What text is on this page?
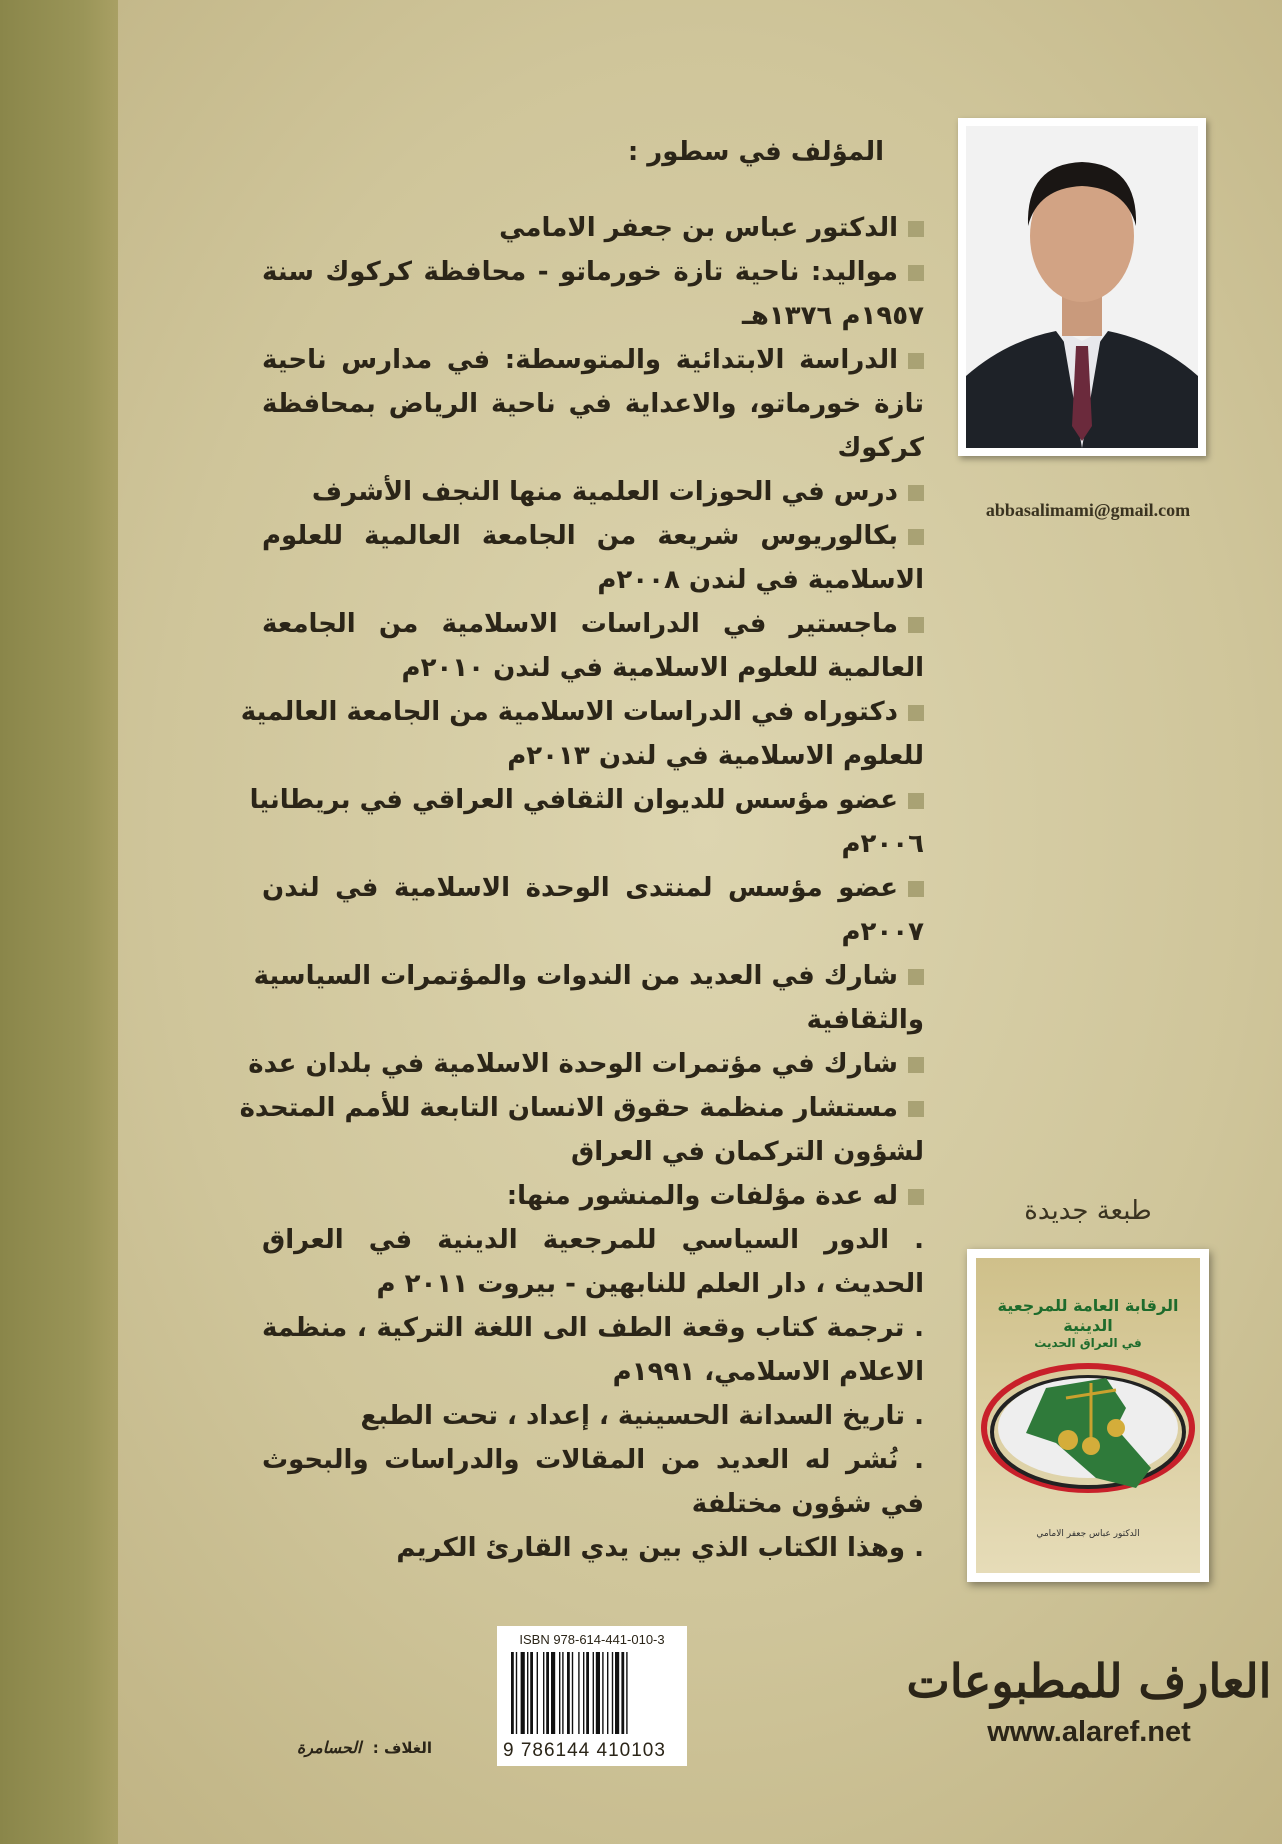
abbasalimami@gmail.com
المؤلف في سطور :
الدكتور عباس بن جعفر الامامي
مواليد: ناحية تازة خورماتو - محافظة كركوك سنة
١٩٥٧م ١٣٧٦هـ
الدراسة الابتدائية والمتوسطة: في مدارس ناحية
تازة خورماتو، والاعداية في ناحية الرياض بمحافظة
كركوك
درس في الحوزات العلمية منها النجف الأشرف
بكالوريوس شريعة من الجامعة العالمية للعلوم
الاسلامية في لندن ٢٠٠٨م
ماجستير في الدراسات الاسلامية من الجامعة
العالمية للعلوم الاسلامية في لندن ٢٠١٠م
دكتوراه في الدراسات الاسلامية من الجامعة العالمية
للعلوم الاسلامية في لندن ٢٠١٣م
عضو مؤسس للديوان الثقافي العراقي في بريطانيا
٢٠٠٦م
عضو مؤسس لمنتدى الوحدة الاسلامية في لندن
٢٠٠٧م
شارك في العديد من الندوات والمؤتمرات السياسية
والثقافية
شارك في مؤتمرات الوحدة الاسلامية في بلدان عدة
مستشار منظمة حقوق الانسان التابعة للأمم المتحدة
لشؤون التركمان في العراق
له عدة مؤلفات والمنشور منها:
. الدور السياسي للمرجعية الدينية في العراق
الحديث ، دار العلم للنابهين - بيروت ٢٠١١ م
. ترجمة كتاب وقعة الطف الى اللغة التركية ، منظمة
الاعلام الاسلامي، ١٩٩١م
. تاريخ السدانة الحسينية ، إعداد ، تحت الطبع
. نُشر له العديد من المقالات والدراسات والبحوث
في شؤون مختلفة
. وهذا الكتاب الذي بين يدي القارئ الكريم
طبعة جديدة
الرقابة العامة للمرجعية الدينية
في العراق الحديث
الدكتور عباس جعفر الامامي
ISBN 978-614-441-010-3
9 786144 410103
العارف للمطبوعات
www.alaref.net
الغلاف : الحسامرة
